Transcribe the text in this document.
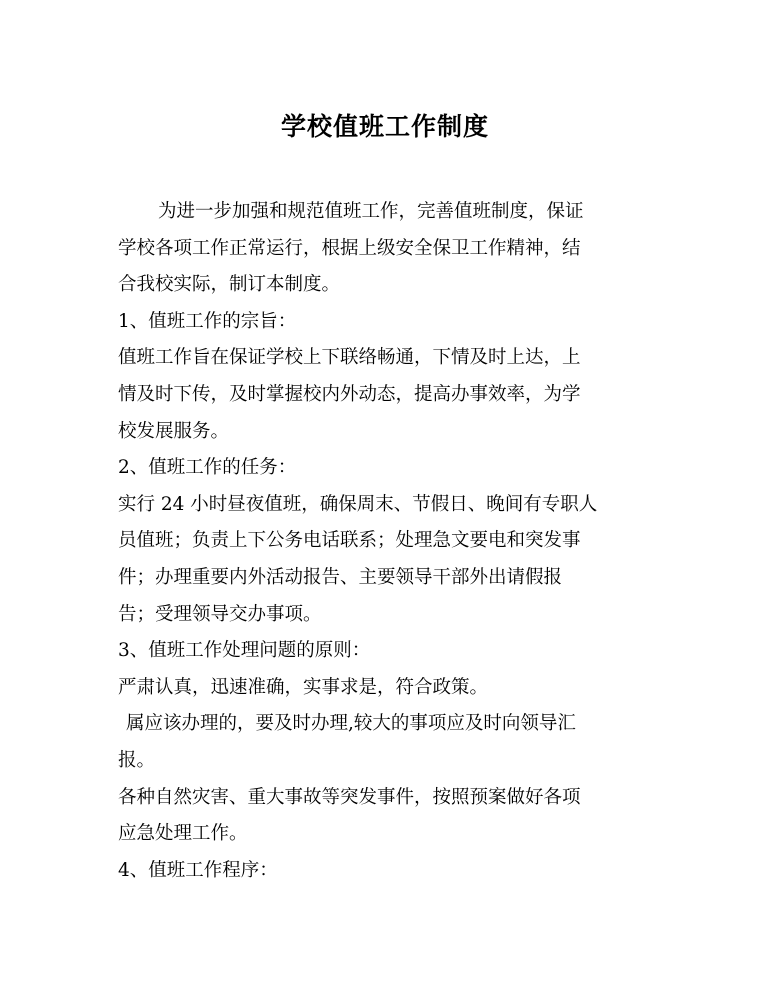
学校值班工作制度
为进一步加强和规范值班工作，完善值班制度，保证
学校各项工作正常运行，根据上级安全保卫工作精神，结
合我校实际，制订本制度。
1、值班工作的宗旨：
值班工作旨在保证学校上下联络畅通，下情及时上达，上
情及时下传，及时掌握校内外动态，提高办事效率，为学
校发展服务。
2、值班工作的任务：
实行 24 小时昼夜值班，确保周末、节假日、晚间有专职人
员值班；负责上下公务电话联系；处理急文要电和突发事
件；办理重要内外活动报告、主要领导干部外出请假报
告；受理领导交办事项。
3、值班工作处理问题的原则：
严肃认真，迅速准确，实事求是，符合政策。
属应该办理的，要及时办理,较大的事项应及时向领导汇
报。
各种自然灾害、重大事故等突发事件，按照预案做好各项
应急处理工作。
4、值班工作程序：
